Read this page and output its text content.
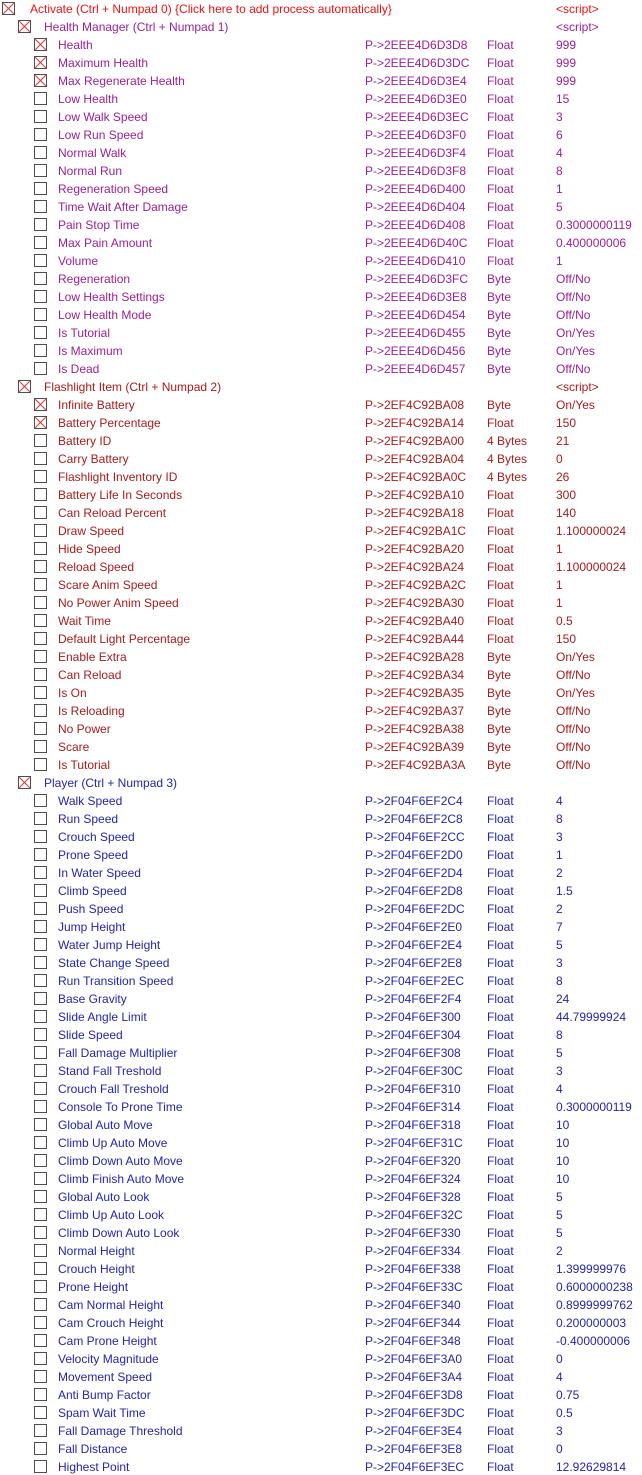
Activate (Ctrl + Numpad 0) {Click here to add process automatically}	<script>
Health Manager (Ctrl + Numpad 1)	<script>
Health	P->2EEE4D6D3D8 Float	999
Maximum Health	P->2EEE4D6D3DC Float	999
Max Regenerate Health	P->2EEE4D6D3E4 Float	999
Low Health	P->2EEE4D6D3E0 Float	15
Low Walk Speed	P->2EEE4D6D3EC Float	3
Low Run Speed	P->2EEE4D6D3F0 Float	6
Normal Walk	P->2EEE4D6D3F4 Float	4
Normal Run	P->2EEE4D6D3F8 Float	8
Regeneration Speed	P->2EEE4D6D400 Float	1
Time Wait After Damage	P->2EEE4D6D404 Float	5
Pain Stop Time	P->2EEE4D6D408 Float	0.3000000119
Max Pain Amount	P->2EEE4D6D40C Float	0.400000006
Volume	P->2EEE4D6D410 Float	1
Regeneration	P->2EEE4D6D3FC Byte	Off/No
Low Health Settings	P->2EEE4D6D3E8 Byte	Off/No
Low Health Mode	P->2EEE4D6D454 Byte	Off/No
Is Tutorial	P->2EEE4D6D455 Byte	On/Yes
Is Maximum	P->2EEE4D6D456 Byte	On/Yes
Is Dead	P->2EEE4D6D457 Byte	Off/No
Flashlight Item (Ctrl + Numpad 2)	<script>
Infinite Battery	P->2EF4C92BA08 Byte	On/Yes
Battery Percentage	P->2EF4C92BA14 Float	150
Battery ID	P->2EF4C92BA00 4 Bytes 21
Carry Battery	P->2EF4C92BA04 4 Bytes 0
Flashlight Inventory ID	P->2EF4C92BA0C 4 Bytes 26
Battery Life In Seconds	P->2EF4C92BA10 Float	300
Can Reload Percent	P->2EF4C92BA18 Float	140
Draw Speed	P->2EF4C92BA1C Float	1.100000024
Hide Speed	P->2EF4C92BA20 Float	1
Reload Speed	P->2EF4C92BA24 Float	1.100000024
Scare Anim Speed	P->2EF4C92BA2C Float	1
No Power Anim Speed	P->2EF4C92BA30 Float	1
Wait Time	P->2EF4C92BA40 Float	0.5
Default Light Percentage	P->2EF4C92BA44 Float	150
Enable Extra	P->2EF4C92BA28 Byte	On/Yes
Can Reload	P->2EF4C92BA34 Byte	Off/No
Is On	P->2EF4C92BA35 Byte	On/Yes
Is Reloading	P->2EF4C92BA37 Byte	Off/No
No Power	P->2EF4C92BA38 Byte	Off/No
Scare	P->2EF4C92BA39 Byte	Off/No
Is Tutorial	P->2EF4C92BA3A Byte	Off/No
Player (Ctrl + Numpad 3)
Walk Speed	P->2F04F6EF2C4 Float	4
Run Speed	P->2F04F6EF2C8 Float	8
Crouch Speed	P->2F04F6EF2CC Float	3
Prone Speed	P->2F04F6EF2D0 Float	1
In Water Speed	P->2F04F6EF2D4 Float	2
Climb Speed	P->2F04F6EF2D8 Float	1.5
Push Speed	P->2F04F6EF2DC Float	2
Jump Height	P->2F04F6EF2E0 Float	7
Water Jump Height	P->2F04F6EF2E4 Float	5
State Change Speed	P->2F04F6EF2E8 Float	3
Run Transition Speed	P->2F04F6EF2EC Float	8
Base Gravity	P->2F04F6EF2F4 Float	24
Slide Angle Limit	P->2F04F6EF300 Float	44.79999924
Slide Speed	P->2F04F6EF304 Float	8
Fall Damage Multiplier	P->2F04F6EF308 Float	5
Stand Fall Treshold	P->2F04F6EF30C Float	3
Crouch Fall Treshold	P->2F04F6EF310 Float	4
Console To Prone Time	P->2F04F6EF314 Float	0.3000000119
Global Auto Move	P->2F04F6EF318 Float	10
Climb Up Auto Move	P->2F04F6EF31C Float	10
Climb Down Auto Move	P->2F04F6EF320 Float	10
Climb Finish Auto Move	P->2F04F6EF324 Float	10
Global Auto Look	P->2F04F6EF328 Float	5
Climb Up Auto Look	P->2F04F6EF32C Float	5
Climb Down Auto Look	P->2F04F6EF330 Float	5
Normal Height	P->2F04F6EF334 Float	2
Crouch Height	P->2F04F6EF338 Float	1.399999976
Prone Height	P->2F04F6EF33C Float	0.6000000238
Cam Normal Height	P->2F04F6EF340 Float	0.8999999762
Cam Crouch Height	P->2F04F6EF344 Float	0.200000003
Cam Prone Height	P->2F04F6EF348 Float	-0.400000006
Velocity Magnitude	P->2F04F6EF3A0 Float	0
Movement Speed	P->2F04F6EF3A4 Float	4
Anti Bump Factor	P->2F04F6EF3D8 Float	0.75
Spam Wait Time	P->2F04F6EF3DC Float	0.5
Fall Damage Threshold	P->2F04F6EF3E4 Float	3
Fall Distance	P->2F04F6EF3E8 Float	0
Highest Point	P->2F04F6EF3EC Float	12.92629814
